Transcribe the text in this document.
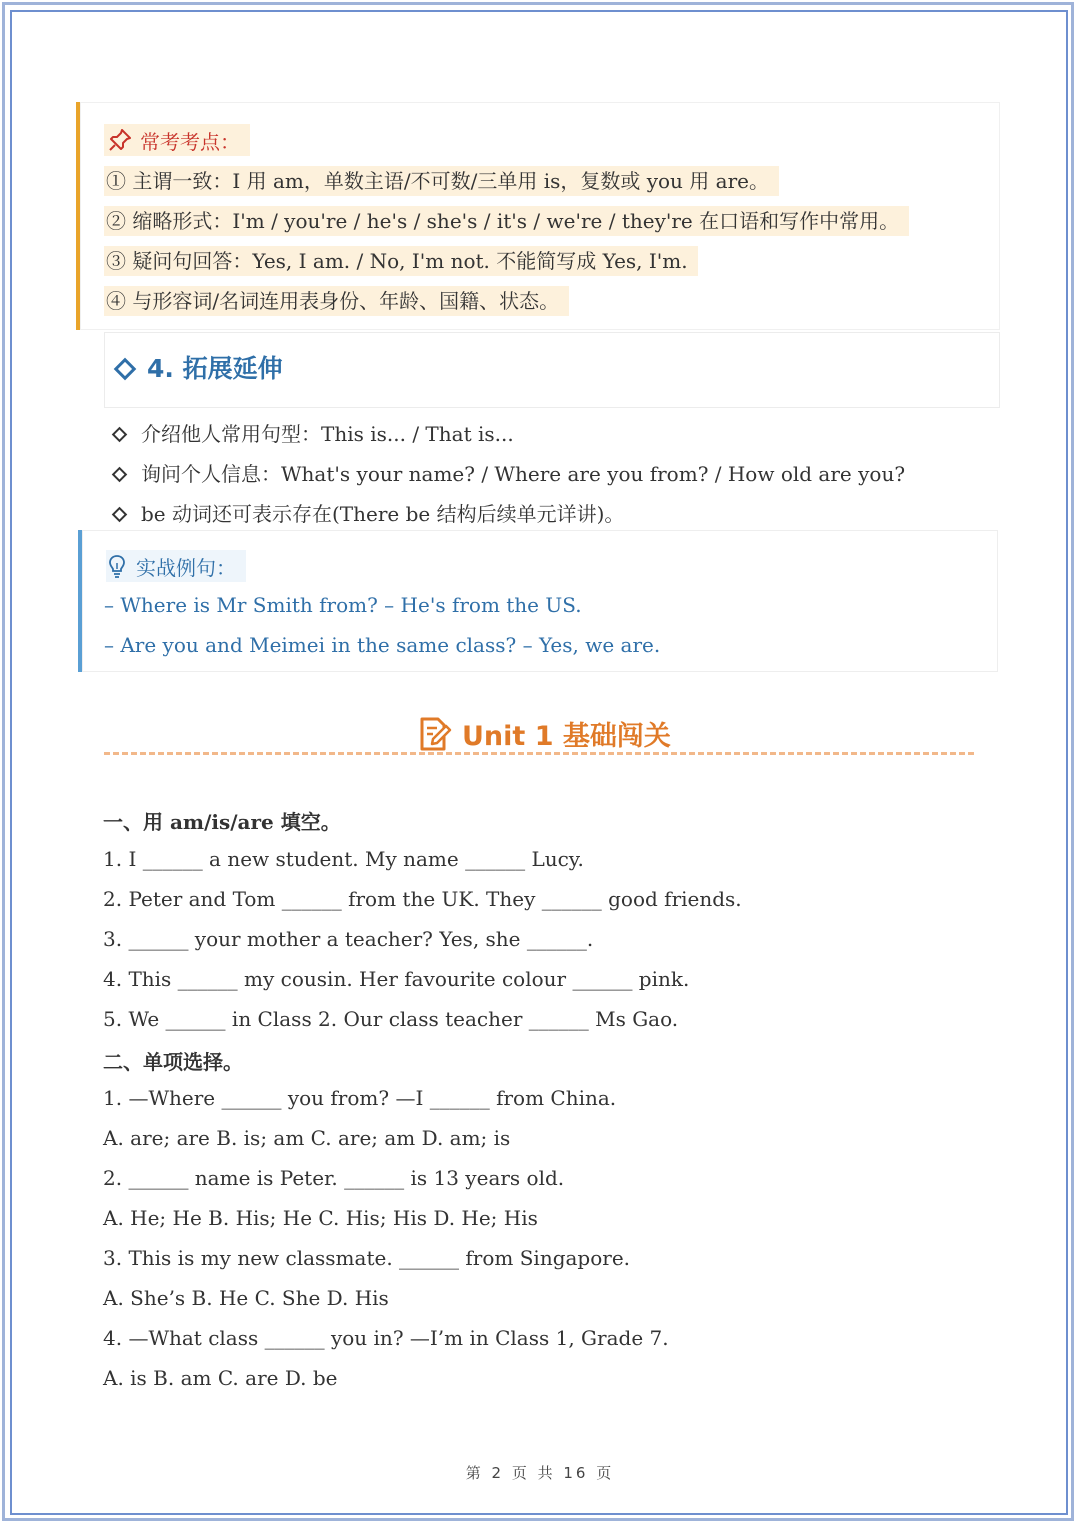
常考考点：
① 主谓一致：I 用 am，单数主语/不可数/三单用 is，复数或 you 用 are。
② 缩略形式：I'm / you're / he's / she's / it's / we're / they're 在口语和写作中常用。
③ 疑问句回答：Yes, I am. / No, I'm not. 不能简写成 Yes, I'm.
④ 与形容词/名词连用表身份、年龄、国籍、状态。
4. 拓展延伸
介绍他人常用句型：This is... / That is...
询问个人信息：What's your name? / Where are you from? / How old are you?
be 动词还可表示存在(There be 结构后续单元详讲)。
实战例句：
– Where is Mr Smith from? – He's from the US.
– Are you and Meimei in the same class? – Yes, we are.
Unit 1 基础闯关
一、用 am/is/are 填空。
1. I ______ a new student. My name ______ Lucy.
2. Peter and Tom ______ from the UK. They ______ good friends.
3. ______ your mother a teacher? Yes, she ______.
4. This ______ my cousin. Her favourite colour ______ pink.
5. We ______ in Class 2. Our class teacher ______ Ms Gao.
二、单项选择。
1. —Where ______ you from? —I ______ from China.
A. are; are B. is; am C. are; am D. am; is
2. ______ name is Peter. ______ is 13 years old.
A. He; He B. His; He C. His; His D. He; His
3. This is my new classmate. ______ from Singapore.
A. She’s B. He C. She D. His
4. —What class ______ you in? —I’m in Class 1, Grade 7.
A. is B. am C. are D. be
第 2 页 共 16 页
